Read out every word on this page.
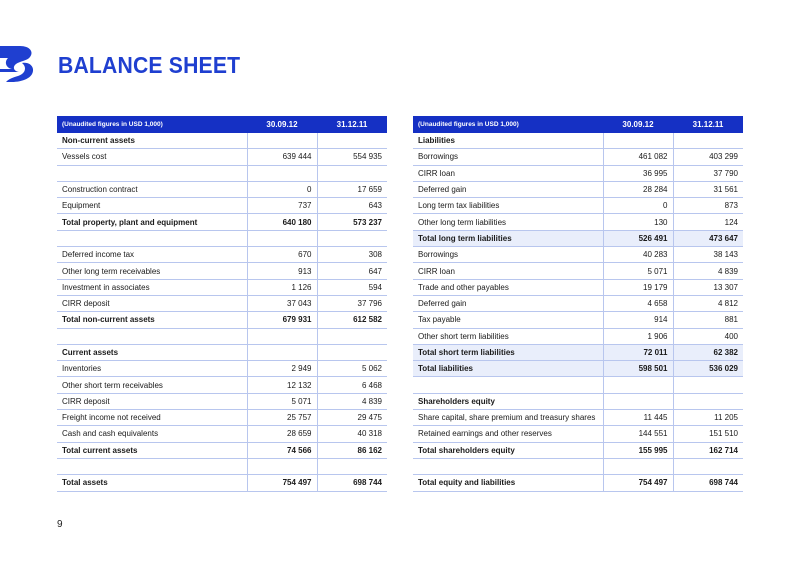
BALANCE SHEET
(Unaudited figures in USD 1,000)	30.09.12	31.12.11
Non-current assets		
Vessels cost	639 444	554 935

Construction contract	0	17 659
Equipment	737	643
Total property, plant and equipment	640 180	573 237

Deferred income tax	670	308
Other long term receivables	913	647
Investment in associates	1 126	594
CIRR deposit	37 043	37 796
Total non-current assets	679 931	612 582

Current assets		
Inventories	2 949	5 062
Other short term receivables	12 132	6 468
CIRR deposit	5 071	4 839
Freight income not received	25 757	29 475
Cash and cash equivalents	28 659	40 318
Total current assets	74 566	86 162

Total assets	754 497	698 744
(Unaudited figures in USD 1,000)	30.09.12	31.12.11
Liabilities		
Borrowings	461 082	403 299
CIRR loan	36 995	37 790
Deferred gain	28 284	31 561
Long term tax liabilities	0	873
Other long term liabilities	130	124
Total long term liabilities	526 491	473 647
Borrowings	40 283	38 143
CIRR loan	5 071	4 839
Trade and other payables	19 179	13 307
Deferred gain	4 658	4 812
Tax payable	914	881
Other short term liabilities	1 906	400
Total short term liabilities	72 011	62 382
Total liabilities	598 501	536 029

Shareholders equity		
Share capital, share premium and treasury shares	11 445	11 205
Retained earnings and other reserves	144 551	151 510
Total shareholders equity	155 995	162 714

Total equity and liabilities	754 497	698 744
9
